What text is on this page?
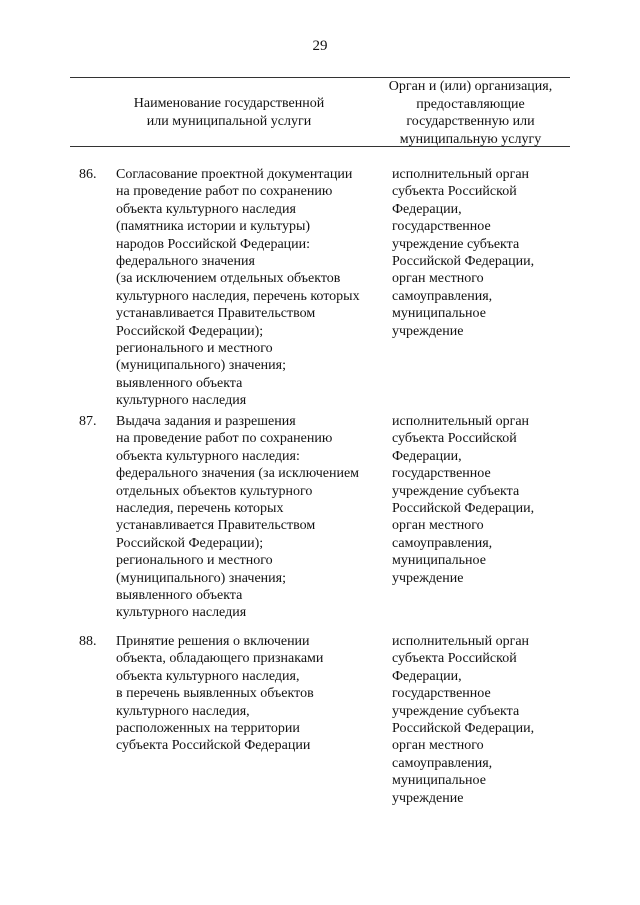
29
Наименование государственной
или муниципальной услуги
Орган и (или) организация,
предоставляющие
государственную или
муниципальную услугу
86. Согласование проектной документации
на проведение работ по сохранению
объекта культурного наследия
(памятника истории и культуры)
народов Российской Федерации:
федерального значения
(за исключением отдельных объектов
культурного наследия, перечень которых
устанавливается Правительством
Российской Федерации);
регионального и местного
(муниципального) значения;
выявленного объекта
культурного наследия
исполнительный орган
субъекта Российской
Федерации,
государственное
учреждение субъекта
Российской Федерации,
орган местного
самоуправления,
муниципальное
учреждение
87. Выдача задания и разрешения
на проведение работ по сохранению
объекта культурного наследия:
федерального значения (за исключением
отдельных объектов культурного
наследия, перечень которых
устанавливается Правительством
Российской Федерации);
регионального и местного
(муниципального) значения;
выявленного объекта
культурного наследия
исполнительный орган
субъекта Российской
Федерации,
государственное
учреждение субъекта
Российской Федерации,
орган местного
самоуправления,
муниципальное
учреждение
88. Принятие решения о включении
объекта, обладающего признаками
объекта культурного наследия,
в перечень выявленных объектов
культурного наследия,
расположенных на территории
субъекта Российской Федерации
исполнительный орган
субъекта Российской
Федерации,
государственное
учреждение субъекта
Российской Федерации,
орган местного
самоуправления,
муниципальное
учреждение
